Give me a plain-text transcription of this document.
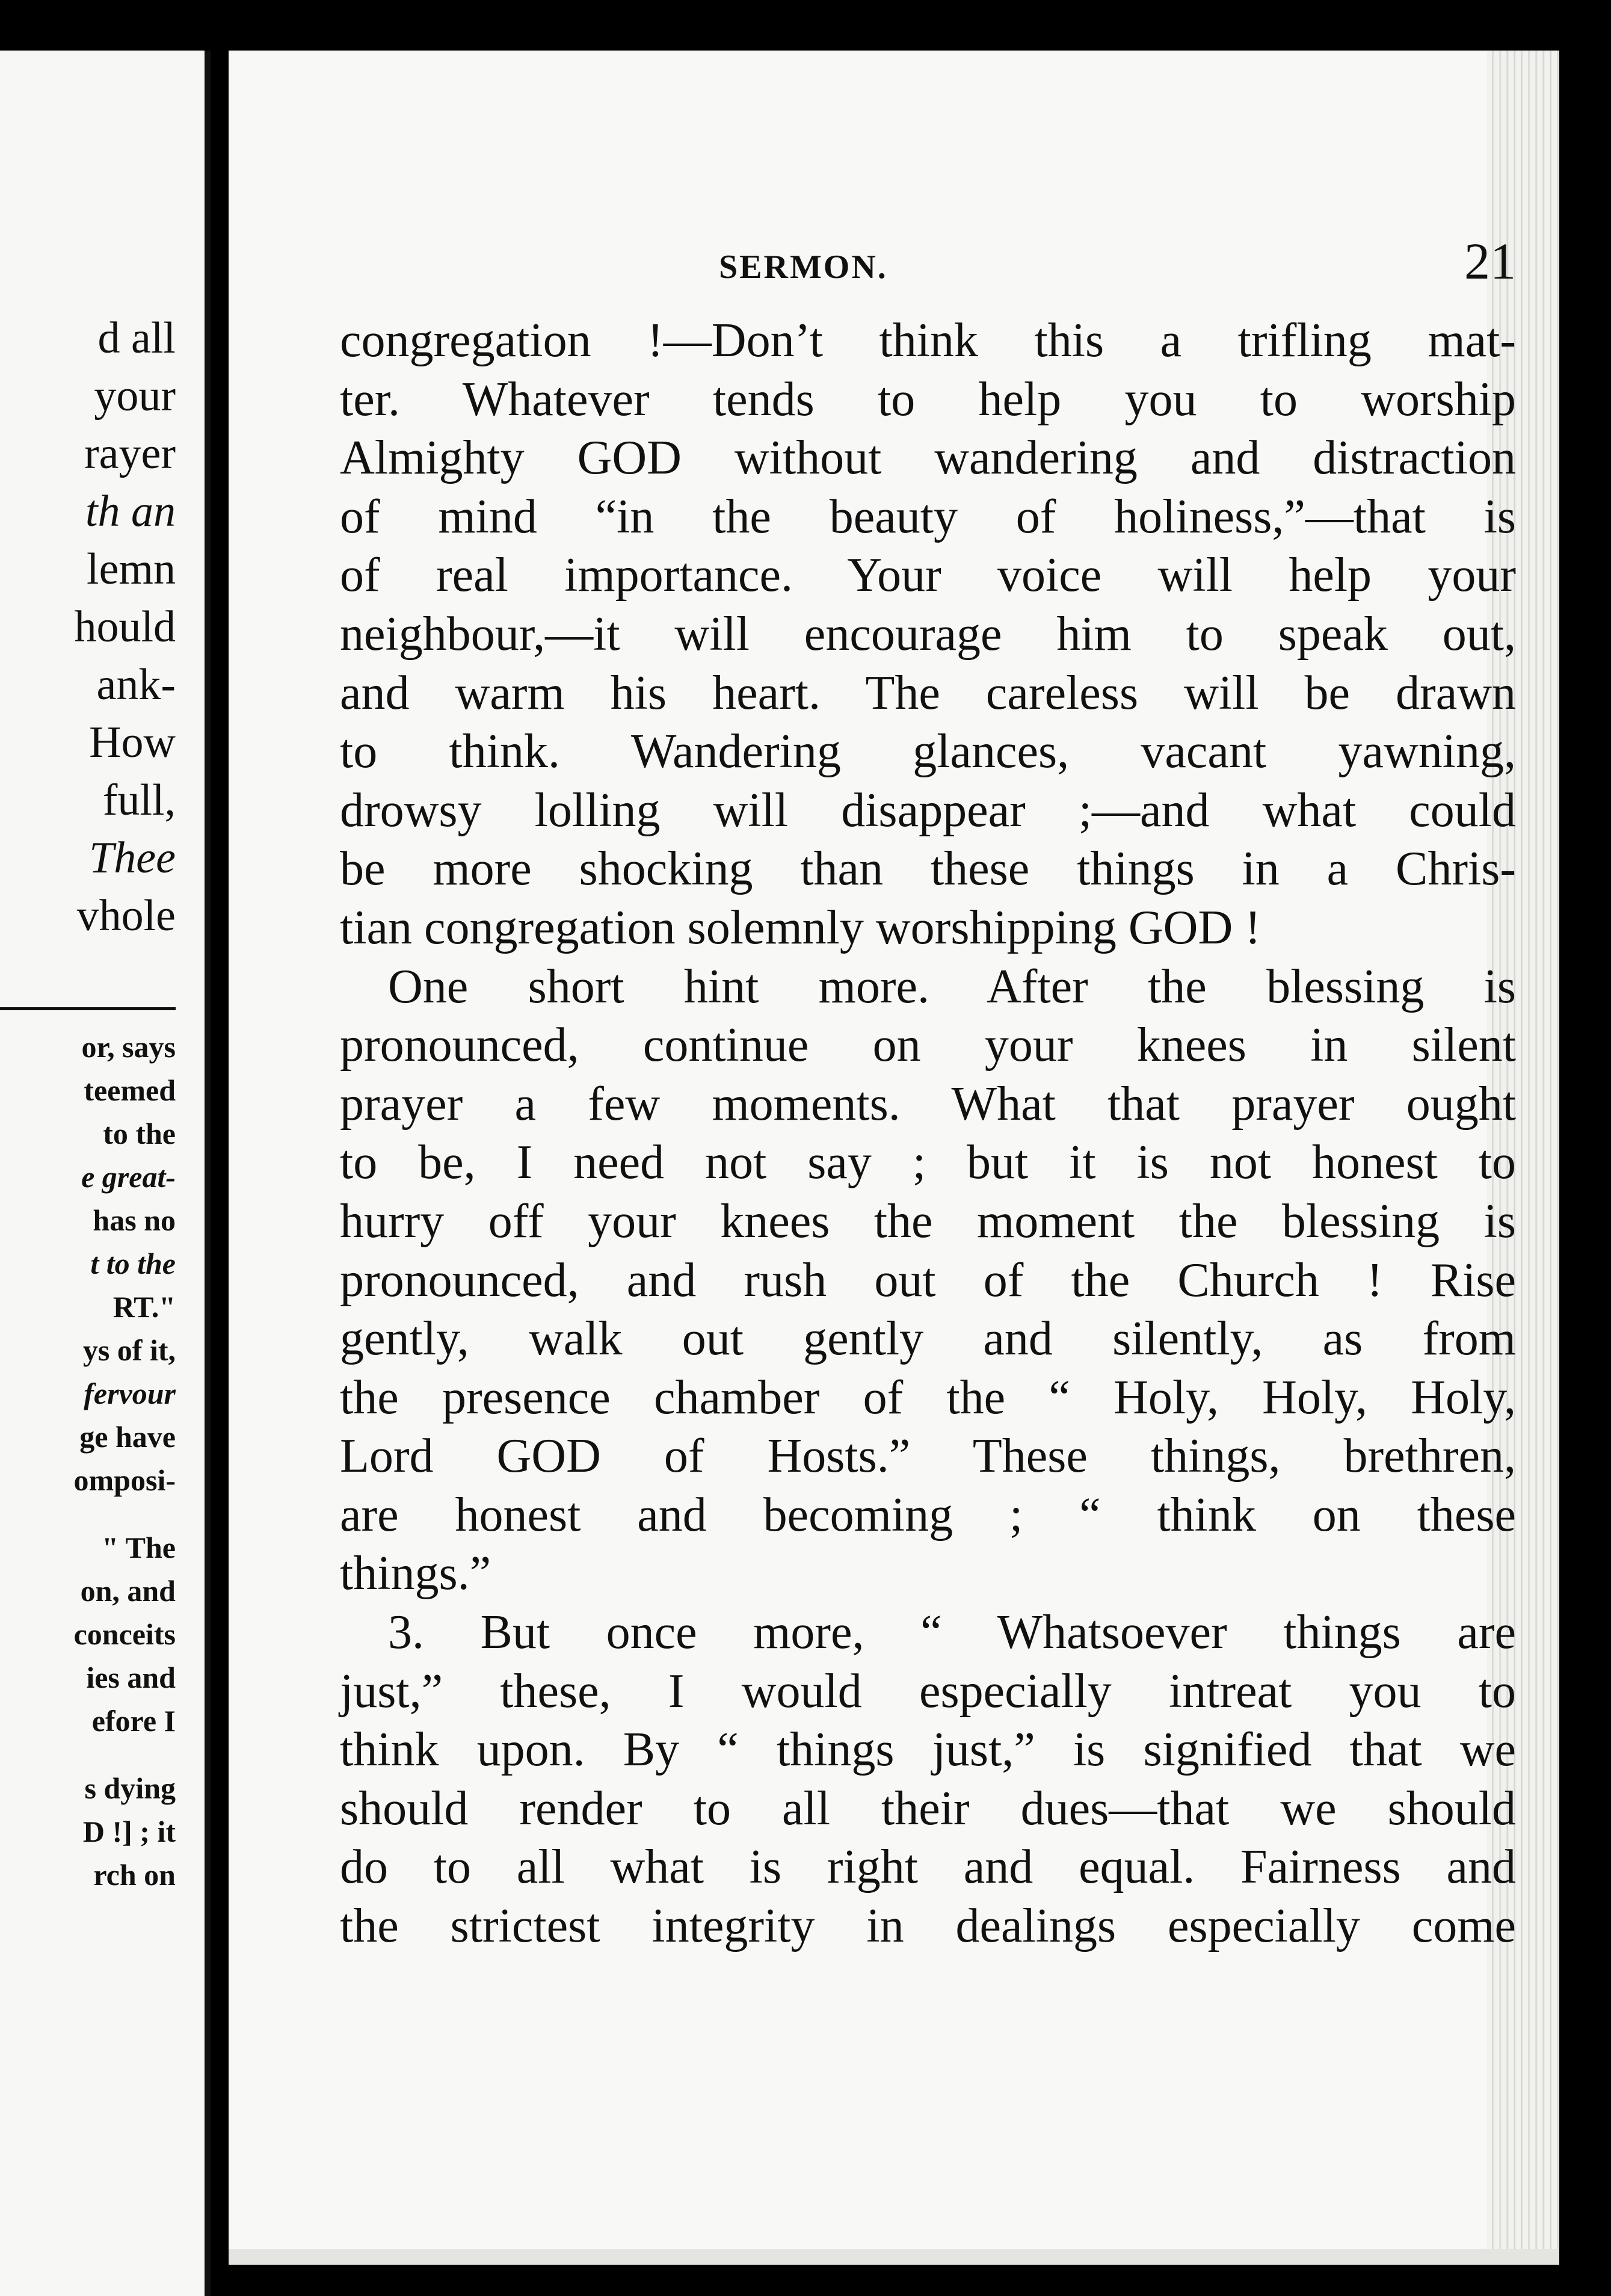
d all
your
rayer
th an
lemn
hould
ank-
How
full,
Thee
vhole
or, says
teemed
to the
e great-
has no
t to the
RT."
ys of it,
fervour
ge have
omposi-

" The
on, and
conceits
ies and
efore I

s dying
D !] ; it
rch on
SERMON.	21
congregation !—Don’t think this a trifling mat-
ter. Whatever tends to help you to worship
Almighty GOD without wandering and distraction
of mind “in the beauty of holiness,”—that is
of real importance. Your voice will help your
neighbour,—it will encourage him to speak out,
and warm his heart. The careless will be drawn
to think. Wandering glances, vacant yawning,
drowsy lolling will disappear ;—and what could
be more shocking than these things in a Chris-
tian congregation solemnly worshipping GOD !
One short hint more. After the blessing is
pronounced, continue on your knees in silent
prayer a few moments. What that prayer ought
to be, I need not say ; but it is not honest to
hurry off your knees the moment the blessing is
pronounced, and rush out of the Church ! Rise
gently, walk out gently and silently, as from
the presence chamber of the “ Holy, Holy, Holy,
Lord GOD of Hosts.” These things, brethren,
are honest and becoming ; “ think on these
things.”
3. But once more, “ Whatsoever things are
just,” these, I would especially intreat you to
think upon. By “ things just,” is signified that we
should render to all their dues—that we should
do to all what is right and equal. Fairness and
the strictest integrity in dealings especially come
